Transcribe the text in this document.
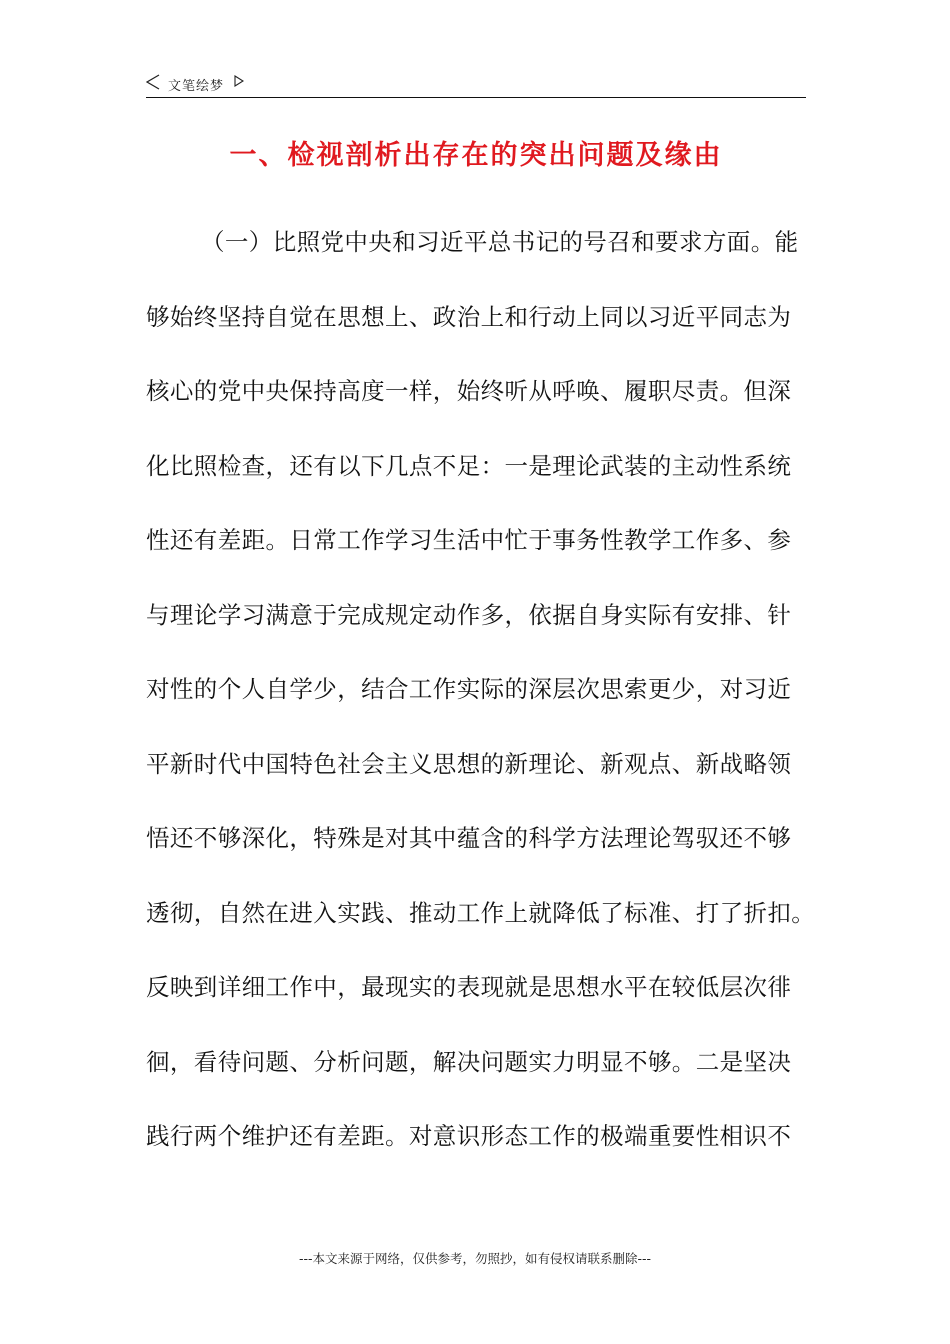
文笔绘梦
一、检视剖析出存在的突出问题及缘由
（一）比照党中央和习近平总书记的号召和要求方面。能
够始终坚持自觉在思想上、政治上和行动上同以习近平同志为
核心的党中央保持高度一样，始终听从呼唤、履职尽责。但深
化比照检查，还有以下几点不足：一是理论武装的主动性系统
性还有差距。日常工作学习生活中忙于事务性教学工作多、参
与理论学习满意于完成规定动作多，依据自身实际有安排、针
对性的个人自学少，结合工作实际的深层次思索更少，对习近
平新时代中国特色社会主义思想的新理论、新观点、新战略领
悟还不够深化，特殊是对其中蕴含的科学方法理论驾驭还不够
透彻，自然在进入实践、推动工作上就降低了标准、打了折扣。
反映到详细工作中，最现实的表现就是思想水平在较低层次徘
徊，看待问题、分析问题，解决问题实力明显不够。二是坚决
践行两个维护还有差距。对意识形态工作的极端重要性相识不
---本文来源于网络，仅供参考，勿照抄，如有侵权请联系删除---
